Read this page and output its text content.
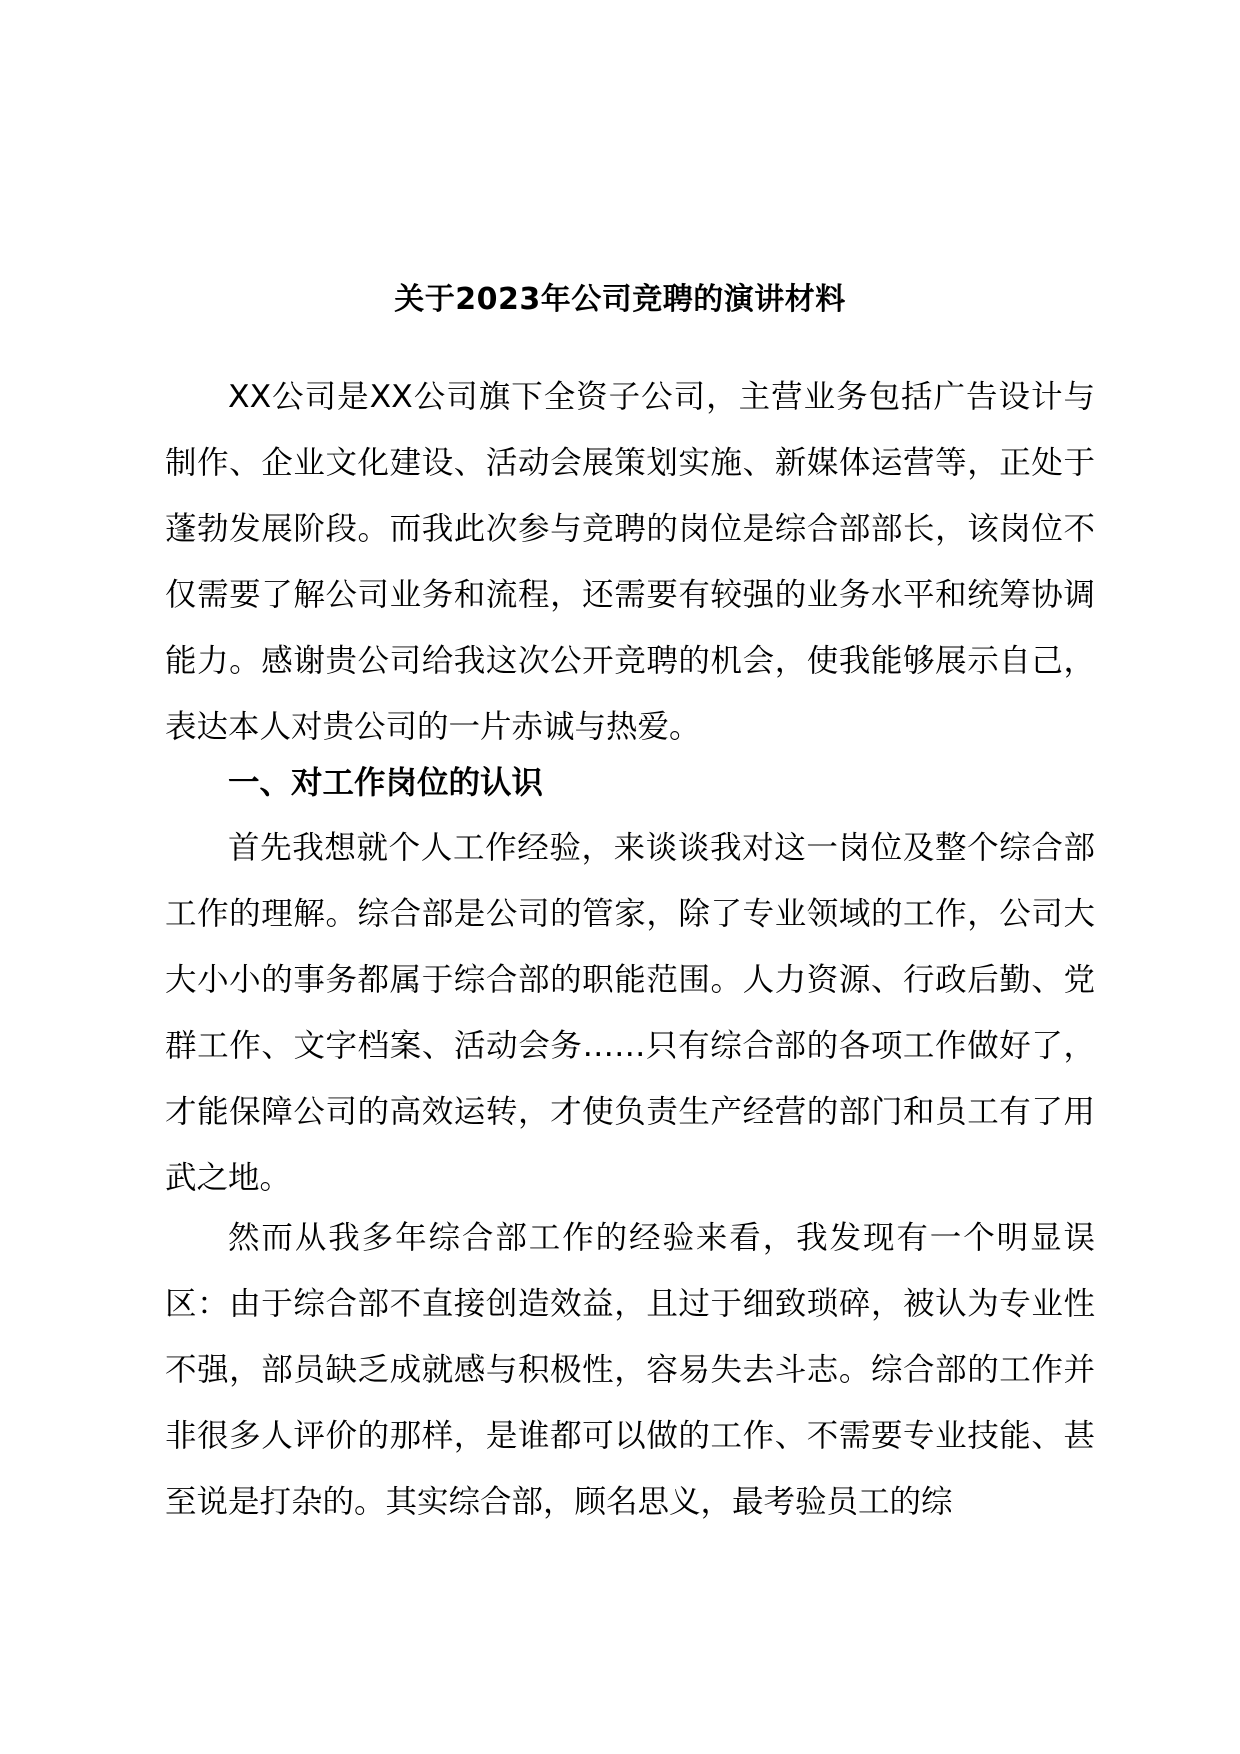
关于2023年公司竞聘的演讲材料

XX公司是XX公司旗下全资子公司，主营业务包括广告设计与制作、企业文化建设、活动会展策划实施、新媒体运营等，正处于蓬勃发展阶段。而我此次参与竞聘的岗位是综合部部长，该岗位不仅需要了解公司业务和流程，还需要有较强的业务水平和统筹协调能力。感谢贵公司给我这次公开竞聘的机会，使我能够展示自己，表达本人对贵公司的一片赤诚与热爱。

一、对工作岗位的认识

首先我想就个人工作经验，来谈谈我对这一岗位及整个综合部工作的理解。综合部是公司的管家，除了专业领域的工作，公司大大小小的事务都属于综合部的职能范围。人力资源、行政后勤、党群工作、文字档案、活动会务……只有综合部的各项工作做好了，才能保障公司的高效运转，才使负责生产经营的部门和员工有了用武之地。

然而从我多年综合部工作的经验来看，我发现有一个明显误区：由于综合部不直接创造效益，且过于细致琐碎，被认为专业性不强，部员缺乏成就感与积极性，容易失去斗志。综合部的工作并非很多人评价的那样，是谁都可以做的工作、不需要专业技能、甚至说是打杂的。其实综合部，顾名思义，最考验员工的综
